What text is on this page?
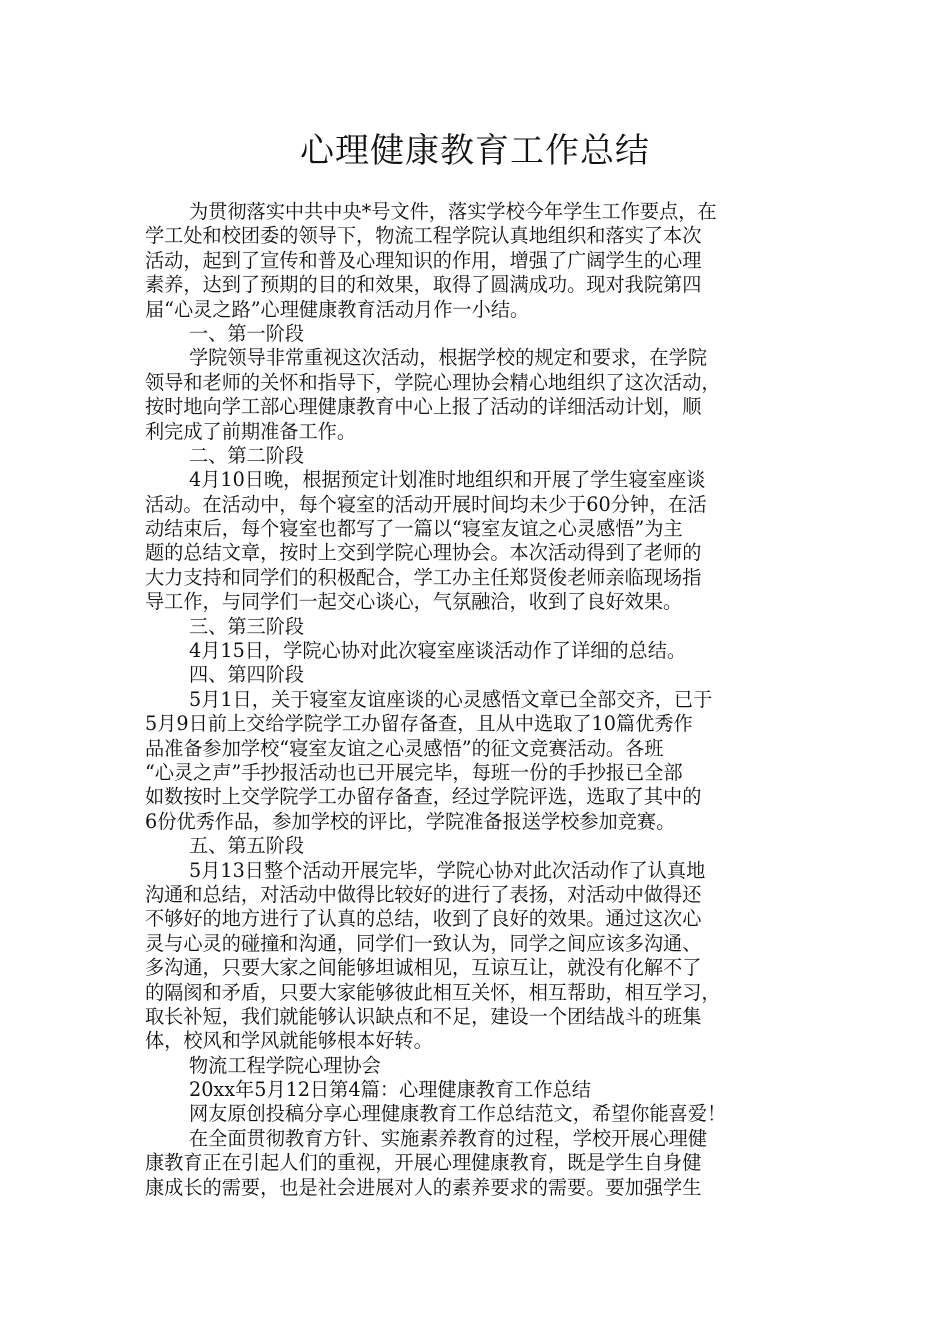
心理健康教育工作总结
为贯彻落实中共中央*号文件，落实学校今年学生工作要点，在
学工处和校团委的领导下，物流工程学院认真地组织和落实了本次
活动，起到了宣传和普及心理知识的作用，增强了广阔学生的心理
素养，达到了预期的目的和效果，取得了圆满成功。现对我院第四
届“心灵之路”心理健康教育活动月作一小结。
一、第一阶段
学院领导非常重视这次活动，根据学校的规定和要求，在学院
领导和老师的关怀和指导下，学院心理协会精心地组织了这次活动，
按时地向学工部心理健康教育中心上报了活动的详细活动计划，顺
利完成了前期准备工作。
二、第二阶段
4月10日晚，根据预定计划准时地组织和开展了学生寝室座谈
活动。在活动中，每个寝室的活动开展时间均未少于60分钟，在活
动结束后，每个寝室也都写了一篇以“寝室友谊之心灵感悟”为主
题的总结文章，按时上交到学院心理协会。本次活动得到了老师的
大力支持和同学们的积极配合，学工办主任郑贤俊老师亲临现场指
导工作，与同学们一起交心谈心，气氛融洽，收到了良好效果。
三、第三阶段
4月15日，学院心协对此次寝室座谈活动作了详细的总结。
四、第四阶段
5月1日，关于寝室友谊座谈的心灵感悟文章已全部交齐，已于
5月9日前上交给学院学工办留存备查，且从中选取了10篇优秀作
品准备参加学校“寝室友谊之心灵感悟”的征文竞赛活动。各班
“心灵之声”手抄报活动也已开展完毕，每班一份的手抄报已全部
如数按时上交学院学工办留存备查，经过学院评选，选取了其中的
6份优秀作品，参加学校的评比，学院准备报送学校参加竞赛。
五、第五阶段
5月13日整个活动开展完毕，学院心协对此次活动作了认真地
沟通和总结，对活动中做得比较好的进行了表扬，对活动中做得还
不够好的地方进行了认真的总结，收到了良好的效果。通过这次心
灵与心灵的碰撞和沟通，同学们一致认为，同学之间应该多沟通、
多沟通，只要大家之间能够坦诚相见，互谅互让，就没有化解不了
的隔阂和矛盾，只要大家能够彼此相互关怀，相互帮助，相互学习，
取长补短，我们就能够认识缺点和不足，建设一个团结战斗的班集
体，校风和学风就能够根本好转。
物流工程学院心理协会
20xx年5月12日第4篇：心理健康教育工作总结
网友原创投稿分享心理健康教育工作总结范文，希望你能喜爱！
在全面贯彻教育方针、实施素养教育的过程，学校开展心理健
康教育正在引起人们的重视，开展心理健康教育，既是学生自身健
康成长的需要，也是社会进展对人的素养要求的需要。要加强学生
